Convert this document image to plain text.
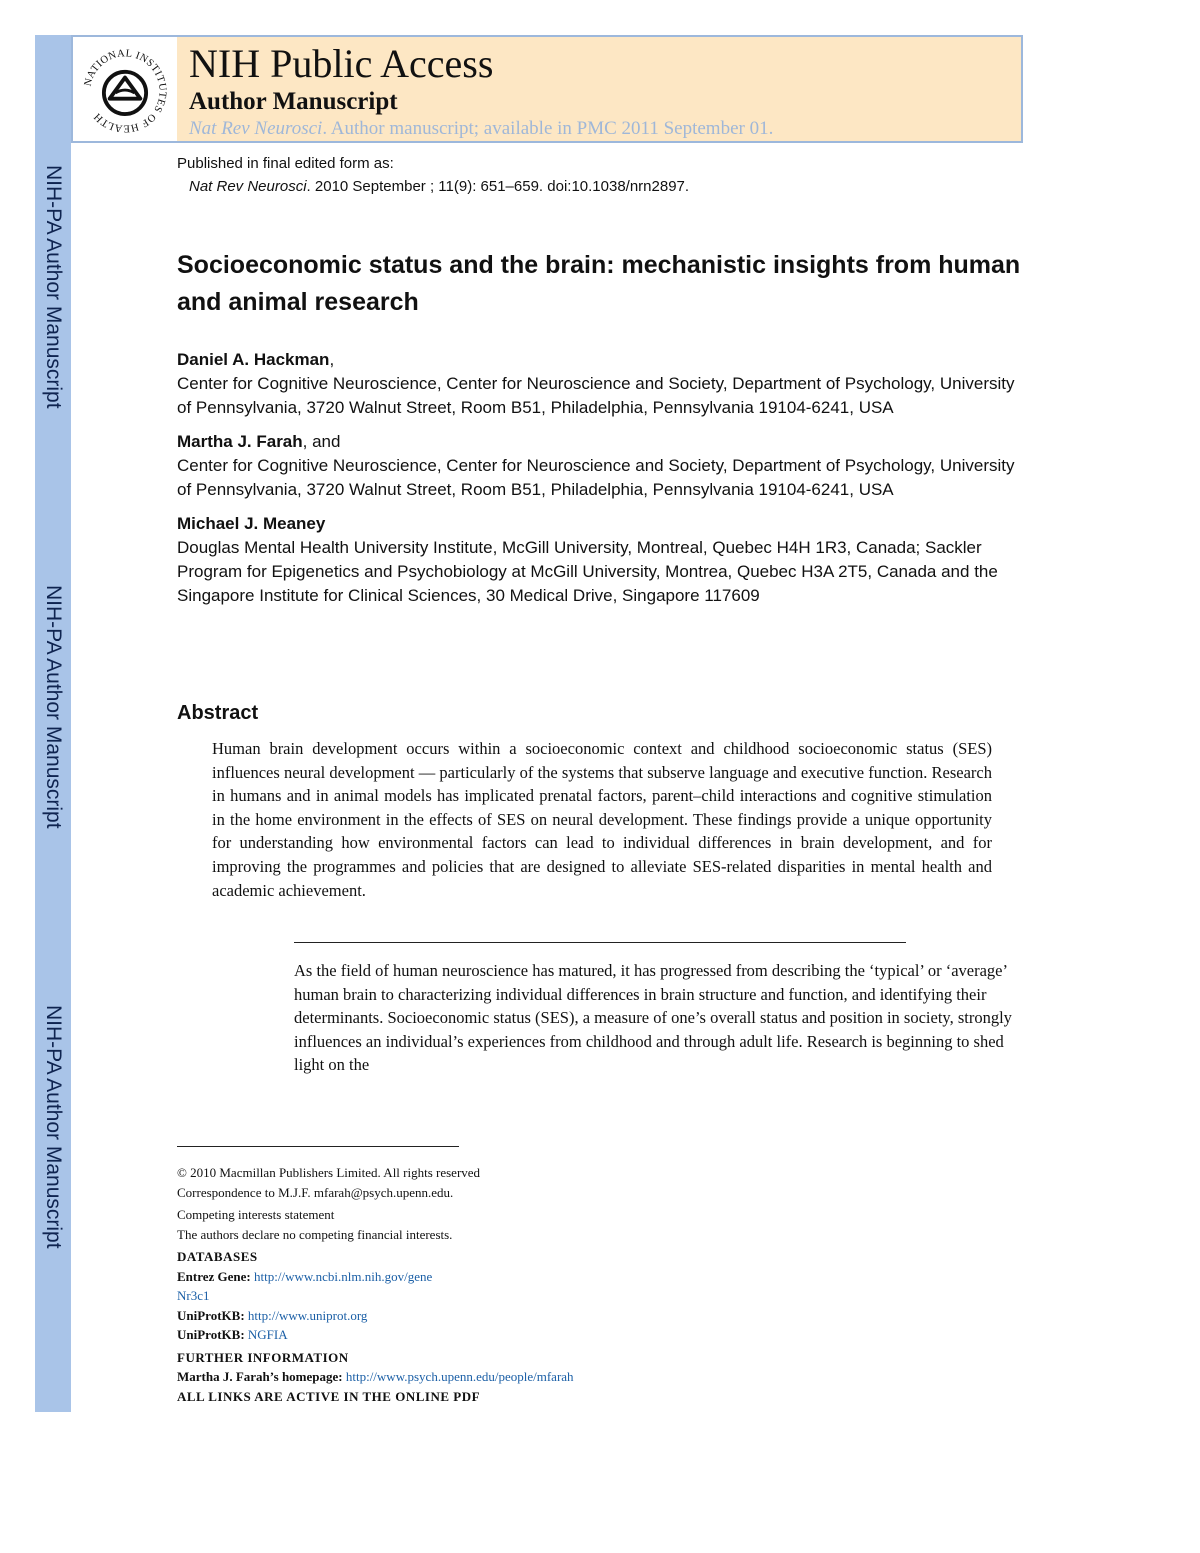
NIH-PA Author Manuscript
NIH-PA Author Manuscript
NIH-PA Author Manuscript
NATIONAL INSTITUTES OF HEALTH
NIH Public Access
Author Manuscript
Nat Rev Neurosci. Author manuscript; available in PMC 2011 September 01.
Published in final edited form as:
Nat Rev Neurosci. 2010 September ; 11(9): 651–659. doi:10.1038/nrn2897.
Socioeconomic status and the brain: mechanistic insights from human and animal research
Daniel A. Hackman,
Center for Cognitive Neuroscience, Center for Neuroscience and Society, Department of Psychology, University of Pennsylvania, 3720 Walnut Street, Room B51, Philadelphia, Pennsylvania 19104-6241, USA
Martha J. Farah, and
Center for Cognitive Neuroscience, Center for Neuroscience and Society, Department of Psychology, University of Pennsylvania, 3720 Walnut Street, Room B51, Philadelphia, Pennsylvania 19104-6241, USA
Michael J. Meaney
Douglas Mental Health University Institute, McGill University, Montreal, Quebec H4H 1R3, Canada; Sackler Program for Epigenetics and Psychobiology at McGill University, Montrea, Quebec H3A 2T5, Canada and the Singapore Institute for Clinical Sciences, 30 Medical Drive, Singapore 117609
Abstract

Human brain development occurs within a socioeconomic context and childhood socioeconomic status (SES) influences neural development — particularly of the systems that subserve language and executive function. Research in humans and in animal models has implicated prenatal factors, parent–child interactions and cognitive stimulation in the home environment in the effects of SES on neural development. These findings provide a unique opportunity for understanding how environmental factors can lead to individual differences in brain development, and for improving the programmes and policies that are designed to alleviate SES-related disparities in mental health and academic achievement.

As the field of human neuroscience has matured, it has progressed from describing the ‘typical’ or ‘average’ human brain to characterizing individual differences in brain structure and function, and identifying their determinants. Socioeconomic status (SES), a measure of one’s overall status and position in society, strongly influences an individual’s experiences from childhood and through adult life. Research is beginning to shed light on the

© 2010 Macmillan Publishers Limited. All rights reserved
Correspondence to M.J.F. mfarah@psych.upenn.edu.
Competing interests statement
The authors declare no competing financial interests.
DATABASES
Entrez Gene: http://www.ncbi.nlm.nih.gov/gene
Nr3c1
UniProtKB: http://www.uniprot.org
UniProtKB: NGFIA
FURTHER INFORMATION
Martha J. Farah’s homepage: http://www.psych.upenn.edu/people/mfarah
ALL LINKS ARE ACTIVE IN THE ONLINE PDF
